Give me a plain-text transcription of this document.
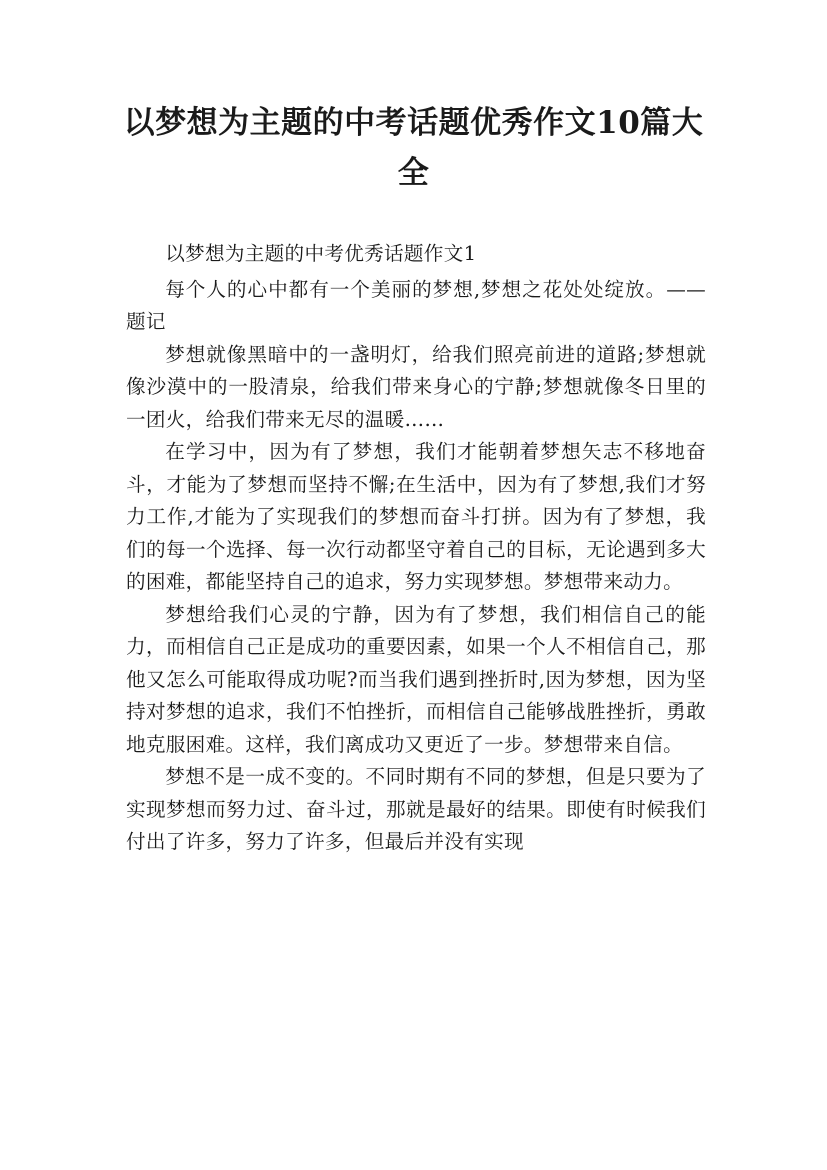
以梦想为主题的中考话题优秀作文10篇大全

以梦想为主题的中考优秀话题作文1

每个人的心中都有一个美丽的梦想,梦想之花处处绽放。——题记

梦想就像黑暗中的一盏明灯，给我们照亮前进的道路;梦想就像沙漠中的一股清泉，给我们带来身心的宁静;梦想就像冬日里的一团火，给我们带来无尽的温暖……

在学习中，因为有了梦想，我们才能朝着梦想矢志不移地奋斗，才能为了梦想而坚持不懈;在生活中，因为有了梦想,我们才努力工作,才能为了实现我们的梦想而奋斗打拼。因为有了梦想，我们的每一个选择、每一次行动都坚守着自己的目标，无论遇到多大的困难，都能坚持自己的追求，努力实现梦想。梦想带来动力。

梦想给我们心灵的宁静，因为有了梦想，我们相信自己的能力，而相信自己正是成功的重要因素，如果一个人不相信自己，那他又怎么可能取得成功呢?而当我们遇到挫折时,因为梦想，因为坚持对梦想的追求，我们不怕挫折，而相信自己能够战胜挫折，勇敢地克服困难。这样，我们离成功又更近了一步。梦想带来自信。

梦想不是一成不变的。不同时期有不同的梦想，但是只要为了实现梦想而努力过、奋斗过，那就是最好的结果。即使有时候我们付出了许多，努力了许多，但最后并没有实现
